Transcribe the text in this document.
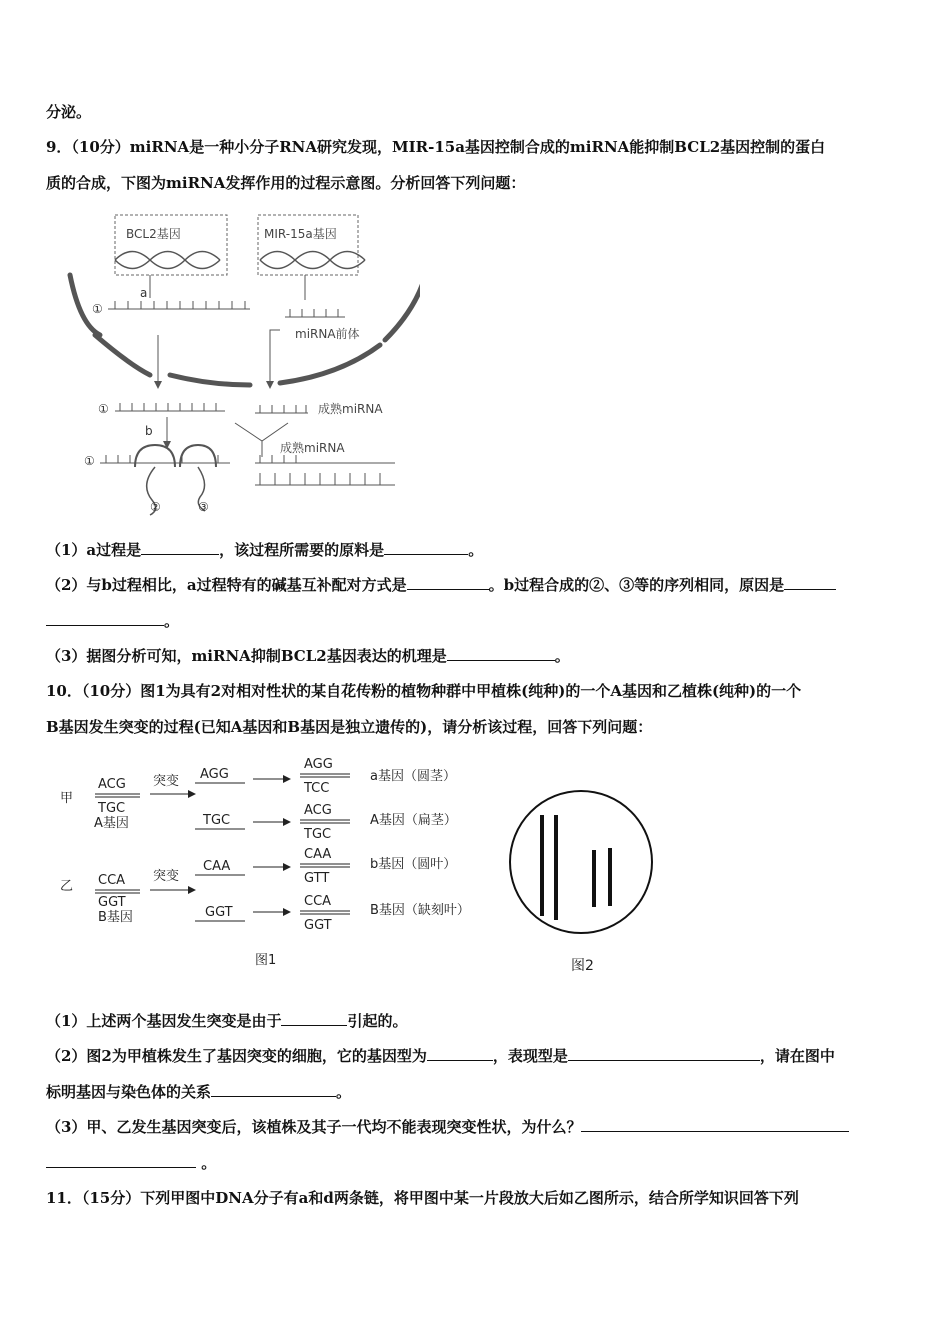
分泌。
9．（10分）miRNA是一种小分子RNA研究发现，MIR-15a基因控制合成的miRNA能抑制BCL2基因控制的蛋白
质的合成，下图为miRNA发挥作用的过程示意图。分析回答下列问题：
BCL2基因	MIR-15a基因
a
①
miRNA前体
①	成熟miRNA
b
成熟miRNA
①
②	③
（1）a过程是	，该过程所需要的原料是	。
（2）与b过程相比，a过程特有的碱基互补配对方式是	。b过程合成的②、③等的序列相同，原因是
。
（3）据图分析可知，miRNA抑制BCL2基因表达的机理是	。
10．（10分）图1为具有2对相对性状的某自花传粉的植物种群中甲植株(纯种)的一个A基因和乙植株(纯种)的一个
B基因发生突变的过程(已知A基因和B基因是独立遗传的)，请分析该过程，回答下列问题：
甲
乙
ACG
TGC
A基因
突变 AGG
AGG
TCC
a基因（圆茎）
TGC
ACG
TGC
A基因（扁茎）
CCA
GGT
B基因
突变
CAA
CAA
GTT
b基因（圆叶）
GGT
CCA
GGT
B基因（缺刻叶）
图1	图2
（1）上述两个基因发生突变是由于	引起的。
（2）图2为甲植株发生了基因突变的细胞，它的基因型为	，表现型是	，请在图中
标明基因与染色体的关系	。
（3）甲、乙发生基因突变后，该植株及其子一代均不能表现突变性状，为什么？
。
11．（15分）下列甲图中DNA分子有a和d两条链，将甲图中某一片段放大后如乙图所示，结合所学知识回答下列
